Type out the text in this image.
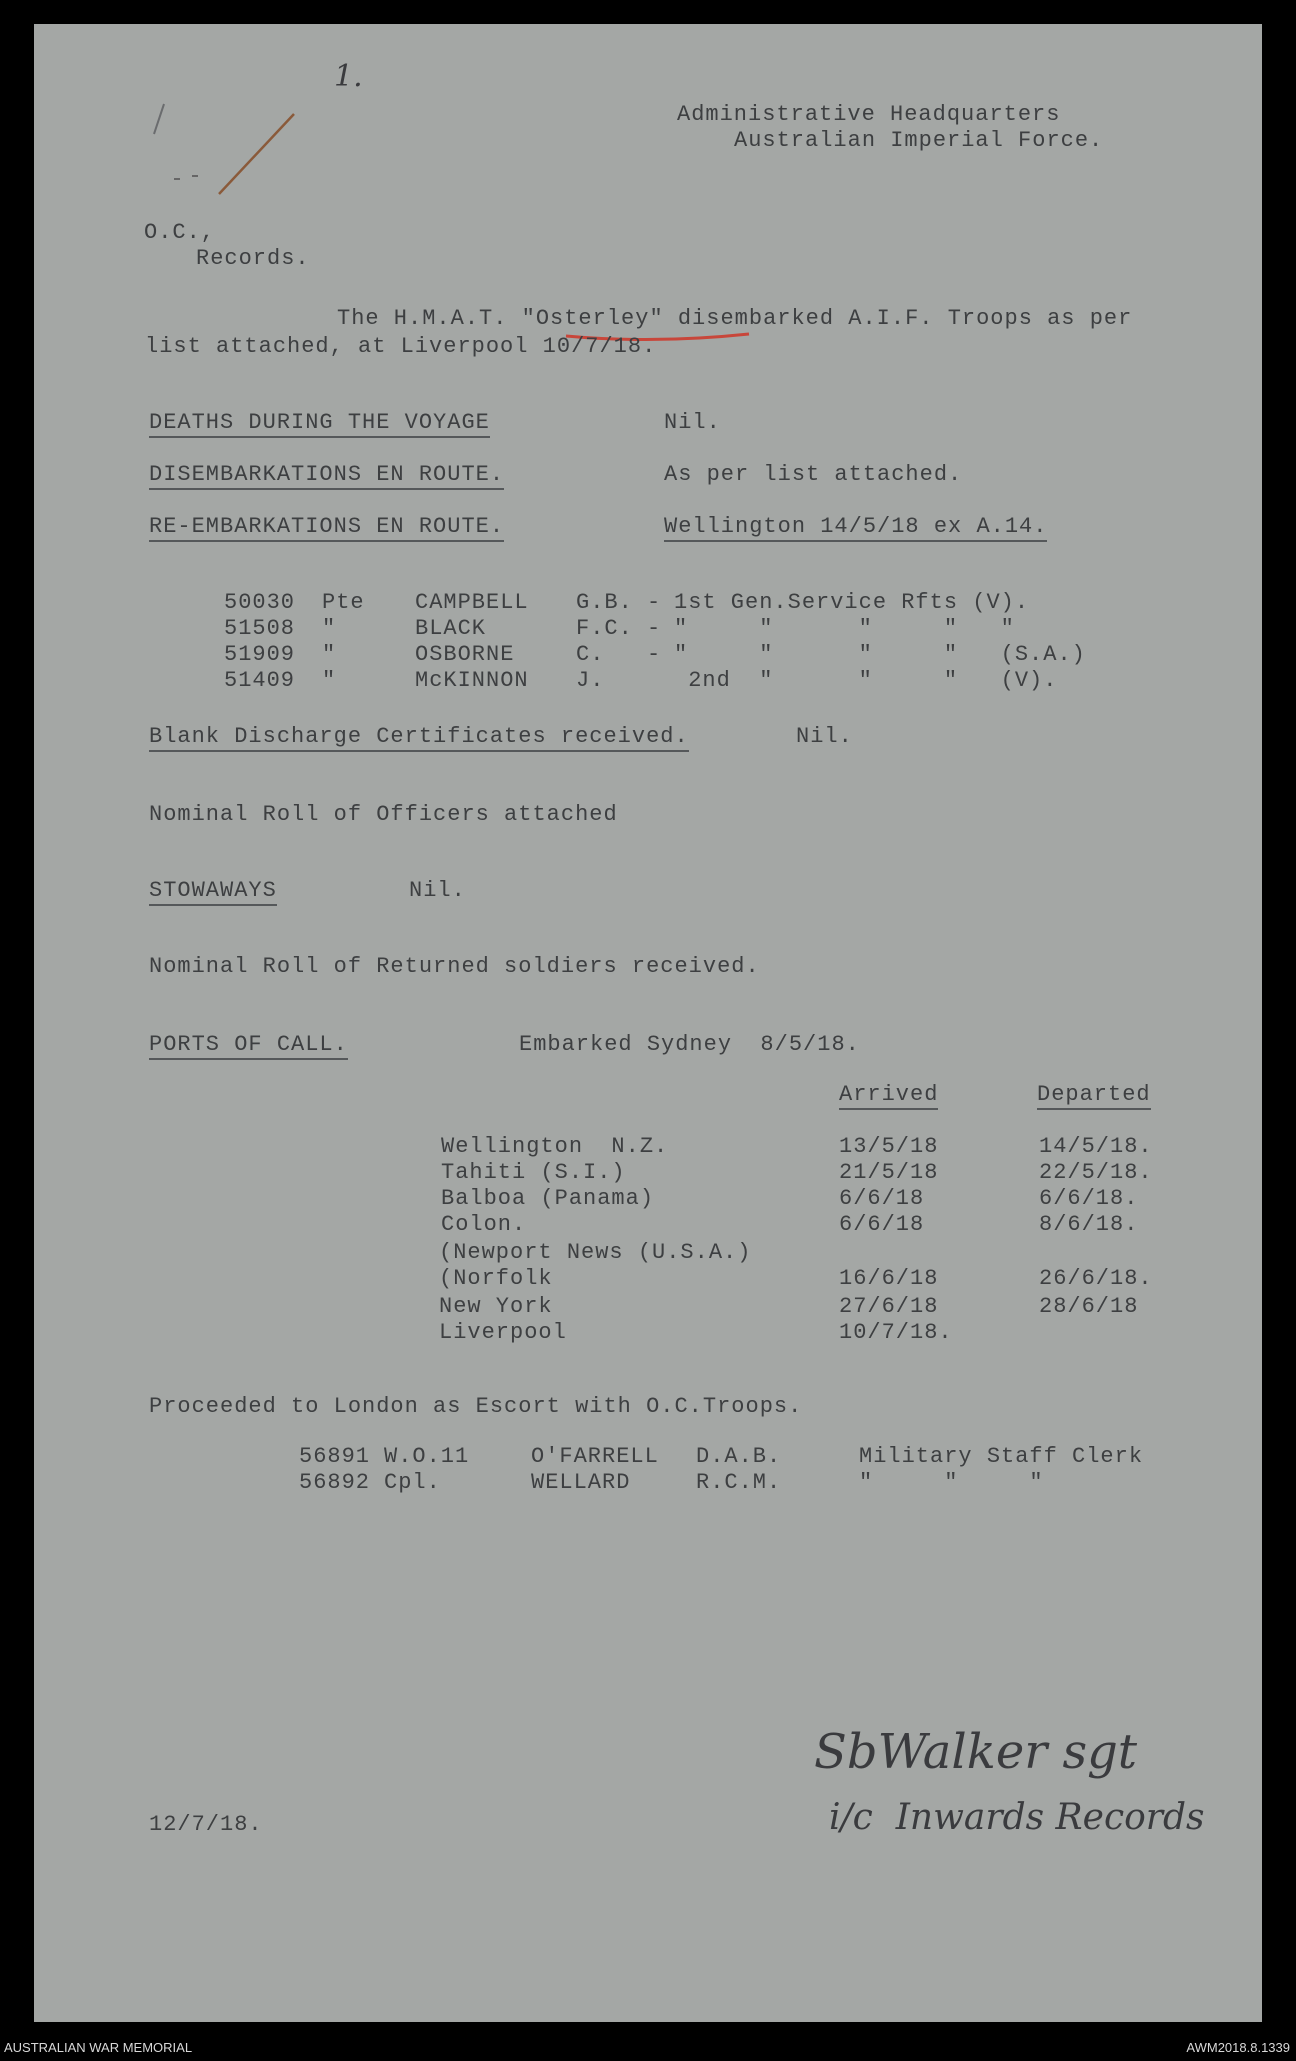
1.
Administrative Headquarters
Australian Imperial Force.
O.C.,
Records.
The H.M.A.T. "Osterley" disembarked A.I.F. Troops as per
list attached, at Liverpool 10/7/18.
DEATHS DURING THE VOYAGE	Nil.
DISEMBARKATIONS EN ROUTE.	As per list attached.
RE-EMBARKATIONS EN ROUTE.	Wellington 14/5/18 ex A.14.
50030 Pte CAMPBELL G.B. - 1st Gen.Service Rfts (V).
51508 "	BLACK	F.C. - "     "      "     "   "
51909 "	OSBORNE	C.   - "     "      "     "   (S.A.)
51409 "	McKINNON J.	2nd  "      "     "   (V).
Blank Discharge Certificates received.	Nil.
Nominal Roll of Officers attached
STOWAWAYS	Nil.
Nominal Roll of Returned soldiers received.
PORTS OF CALL.	Embarked Sydney  8/5/18.
Arrived	Departed
Wellington  N.Z.	13/5/18	14/5/18.
Tahiti (S.I.)	21/5/18	22/5/18.
Balboa (Panama)	6/6/18	6/6/18.
Colon.	6/6/18	8/6/18.
(Newport News (U.S.A.)
(Norfolk	16/6/18	26/6/18.
New York	27/6/18	28/6/18
Liverpool	10/7/18.
Proceeded to London as Escort with O.C.Troops.
56891 W.O.11	O'FARRELL D.A.B.	Military Staff Clerk
56892 Cpl.	WELLARD	R.C.M.	"     "     "
12/7/18.
SbWalker sgt
i/c  Inwards Records
AUSTRALIAN WAR MEMORIAL	AWM2018.8.1339
